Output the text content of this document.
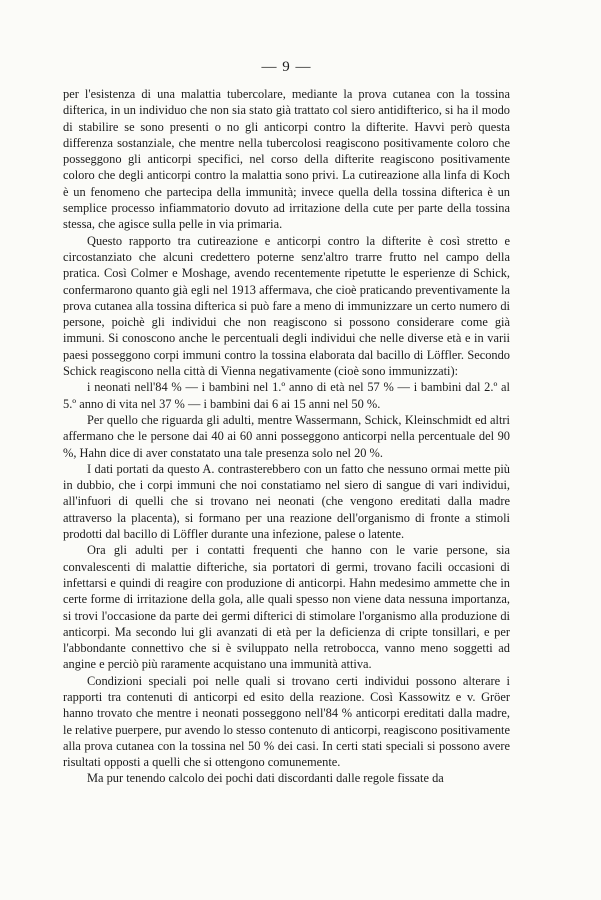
— 9 —

per l'esistenza di una malattia tubercolare, mediante la prova cutanea con la tossina difterica, in un individuo che non sia stato già trattato col siero antidifterico, si ha il modo di stabilire se sono presenti o no gli anticorpi contro la difterite. Havvi però questa differenza sostanziale, che mentre nella tubercolosi reagiscono positivamente coloro che posseggono gli anticorpi specifici, nel corso della difterite reagiscono positivamente coloro che degli anticorpi contro la malattia sono privi. La cutireazione alla linfa di Koch è un fenomeno che partecipa della immunità; invece quella della tossina difterica è un semplice processo infiammatorio dovuto ad irritazione della cute per parte della tossina stessa, che agisce sulla pelle in via primaria.

Questo rapporto tra cutireazione e anticorpi contro la difterite è così stretto e circostanziato che alcuni credettero poterne senz'altro trarre frutto nel campo della pratica. Così Colmer e Moshage, avendo recentemente ripetutte le esperienze di Schick, confermarono quanto già egli nel 1913 affermava, che cioè praticando preventivamente la prova cutanea alla tossina difterica si può fare a meno di immunizzare un certo numero di persone, poichè gli individui che non reagiscono si possono considerare come già immuni. Si conoscono anche le percentuali degli individui che nelle diverse età e in varii paesi posseggono corpi immuni contro la tossina elaborata dal bacillo di Löffler. Secondo Schick reagiscono nella città di Vienna negativamente (cioè sono immunizzati):

i neonati nell'84 % — i bambini nel 1.º anno di età nel 57 % — i bambini dal 2.º al 5.º anno di vita nel 37 % — i bambini dai 6 ai 15 anni nel 50 %.

Per quello che riguarda gli adulti, mentre Wassermann, Schick, Kleinschmidt ed altri affermano che le persone dai 40 ai 60 anni posseggono anticorpi nella percentuale del 90 %, Hahn dice di aver constatato una tale presenza solo nel 20 %.

I dati portati da questo A. contrasterebbero con un fatto che nessuno ormai mette più in dubbio, che i corpi immuni che noi constatiamo nel siero di sangue di vari individui, all'infuori di quelli che si trovano nei neonati (che vengono ereditati dalla madre attraverso la placenta), si formano per una reazione dell'organismo di fronte a stimoli prodotti dal bacillo di Löffler durante una infezione, palese o latente.

Ora gli adulti per i contatti frequenti che hanno con le varie persone, sia convalescenti di malattie difteriche, sia portatori di germi, trovano facili occasioni di infettarsi e quindi di reagire con produzione di anticorpi. Hahn medesimo ammette che in certe forme di irritazione della gola, alle quali spesso non viene data nessuna importanza, si trovi l'occasione da parte dei germi difterici di stimolare l'organismo alla produzione di anticorpi. Ma secondo lui gli avanzati di età per la deficienza di cripte tonsillari, e per l'abbondante connettivo che si è sviluppato nella retrobocca, vanno meno soggetti ad angine e perciò più raramente acquistano una immunità attiva.

Condizioni speciali poi nelle quali si trovano certi individui possono alterare i rapporti tra contenuti di anticorpi ed esito della reazione. Così Kassowitz e v. Gröer hanno trovato che mentre i neonati posseggono nell'84 % anticorpi ereditati dalla madre, le relative puerpere, pur avendo lo stesso contenuto di anticorpi, reagiscono positivamente alla prova cutanea con la tossina nel 50 % dei casi. In certi stati speciali si possono avere risultati opposti a quelli che si ottengono comunemente.

Ma pur tenendo calcolo dei pochi dati discordanti dalle regole fissate da
